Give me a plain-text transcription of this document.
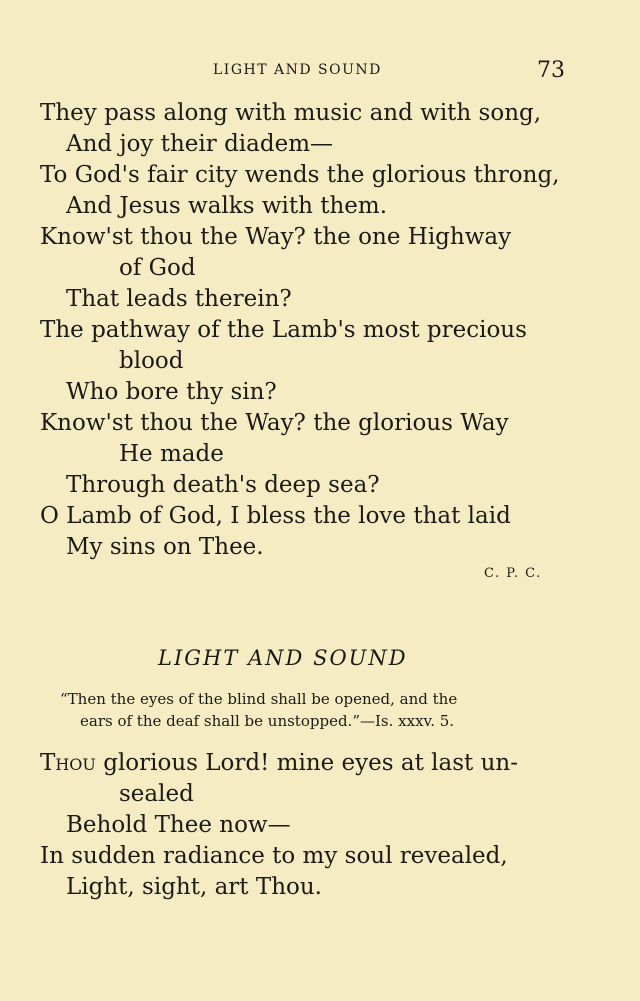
LIGHT AND SOUND	73
They pass along with music and with song,
And joy their diadem—
To God's fair city wends the glorious throng,
And Jesus walks with them.
Know'st thou the Way? the one Highway
of God
That leads therein?
The pathway of the Lamb's most precious
blood
Who bore thy sin?
Know'st thou the Way? the glorious Way
He made
Through death's deep sea?
O Lamb of God, I bless the love that laid
My sins on Thee.
C. P. C.
LIGHT AND SOUND
“Then the eyes of the blind shall be opened, and the
ears of the deaf shall be unstopped.”—Is. xxxv. 5.
Thou glorious Lord! mine eyes at last un-
sealed
Behold Thee now—
In sudden radiance to my soul revealed,
Light, sight, art Thou.
